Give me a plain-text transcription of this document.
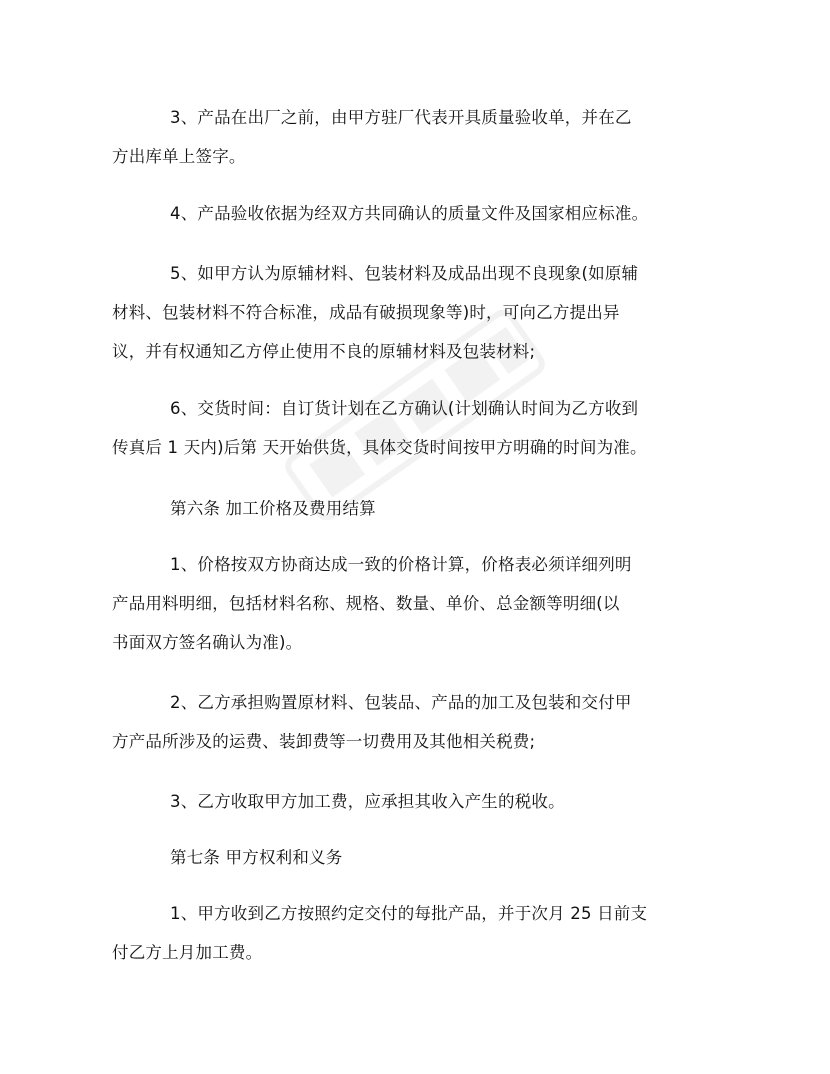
3、产品在出厂之前，由甲方驻厂代表开具质量验收单，并在乙
方出库单上签字。
4、产品验收依据为经双方共同确认的质量文件及国家相应标准。
5、如甲方认为原辅材料、包装材料及成品出现不良现象(如原辅
材料、包装材料不符合标准，成品有破损现象等)时，可向乙方提出异
议，并有权通知乙方停止使用不良的原辅材料及包装材料;
6、交货时间：自订货计划在乙方确认(计划确认时间为乙方收到
传真后 1 天内)后第 天开始供货，具体交货时间按甲方明确的时间为准。
第六条 加工价格及费用结算
1、价格按双方协商达成一致的价格计算，价格表必须详细列明
产品用料明细，包括材料名称、规格、数量、单价、总金额等明细(以
书面双方签名确认为准)。
2、乙方承担购置原材料、包装品、产品的加工及包装和交付甲
方产品所涉及的运费、装卸费等一切费用及其他相关税费;
3、乙方收取甲方加工费，应承担其收入产生的税收。
第七条 甲方权利和义务
1、甲方收到乙方按照约定交付的每批产品，并于次月 25 日前支
付乙方上月加工费。
